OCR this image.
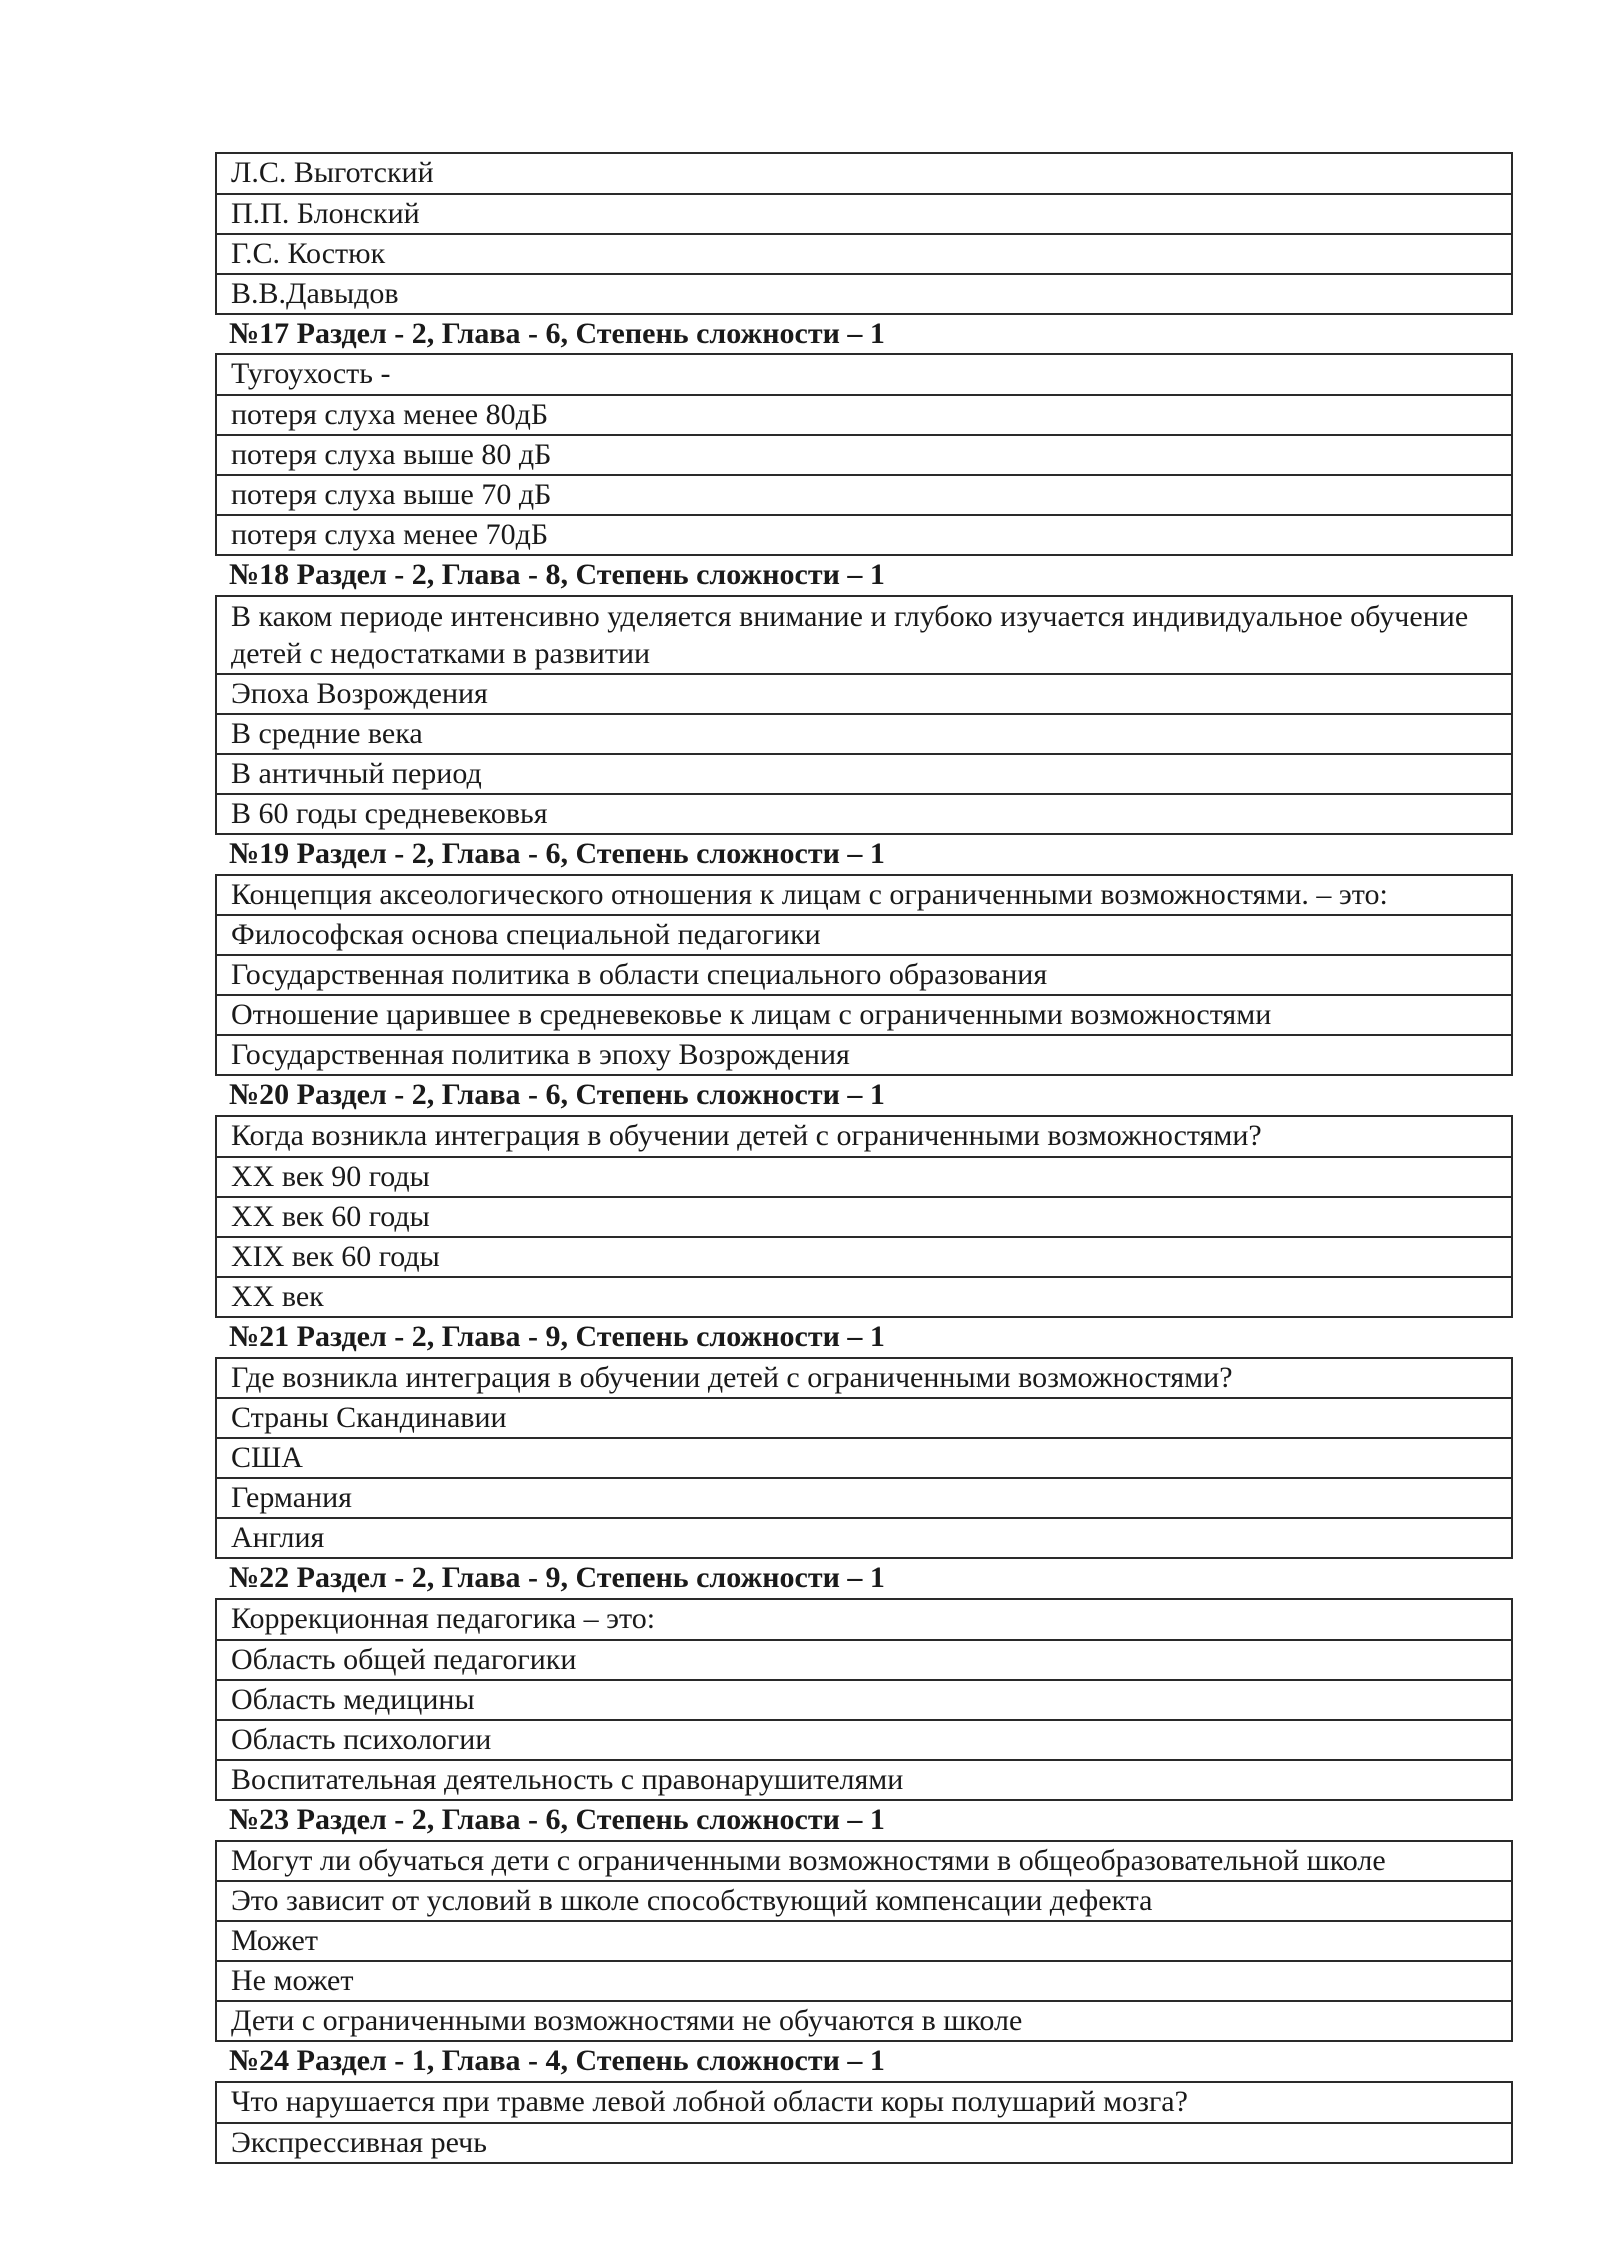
Л.С. Выготский
П.П. Блонский
Г.С. Костюк
В.В.Давыдов
№17 Раздел - 2, Глава - 6, Степень сложности – 1
Тугоухость -
потеря слуха менее 80дБ
потеря слуха выше 80 дБ
потеря слуха выше 70 дБ
потеря слуха менее 70дБ
№18 Раздел - 2, Глава - 8, Степень сложности – 1
В каком периоде интенсивно уделяется внимание и глубоко изучается индивидуальное обучение детей с недостатками в развитии
Эпоха Возрождения
В средние века
В античный период
В 60 годы средневековья
№19 Раздел - 2, Глава - 6, Степень сложности – 1
Концепция аксеологического отношения к лицам с ограниченными возможностями. – это:
Философская основа специальной педагогики
Государственная политика в области специального образования
Отношение царившее в средневековье к лицам с ограниченными возможностями
Государственная политика в эпоху Возрождения
№20 Раздел - 2, Глава - 6, Степень сложности – 1
Когда возникла интеграция в обучении детей с ограниченными возможностями?
XX век 90 годы
XX век 60 годы
XIX век 60 годы
XX век
№21 Раздел - 2, Глава - 9, Степень сложности – 1
Где возникла интеграция в обучении детей с ограниченными возможностями?
Страны Скандинавии
США
Германия
Англия
№22 Раздел - 2, Глава - 9, Степень сложности – 1
Коррекционная педагогика – это:
Область общей педагогики
Область медицины
Область психологии
Воспитательная деятельность с правонарушителями
№23 Раздел - 2, Глава - 6, Степень сложности – 1
Могут ли обучаться дети с ограниченными возможностями в общеобразовательной школе
Это зависит от условий в школе способствующий компенсации дефекта
Может
Не может
Дети с ограниченными возможностями не обучаются в школе
№24 Раздел - 1, Глава - 4, Степень сложности – 1
Что нарушается при травме левой лобной области коры полушарий мозга?
Экспрессивная речь
